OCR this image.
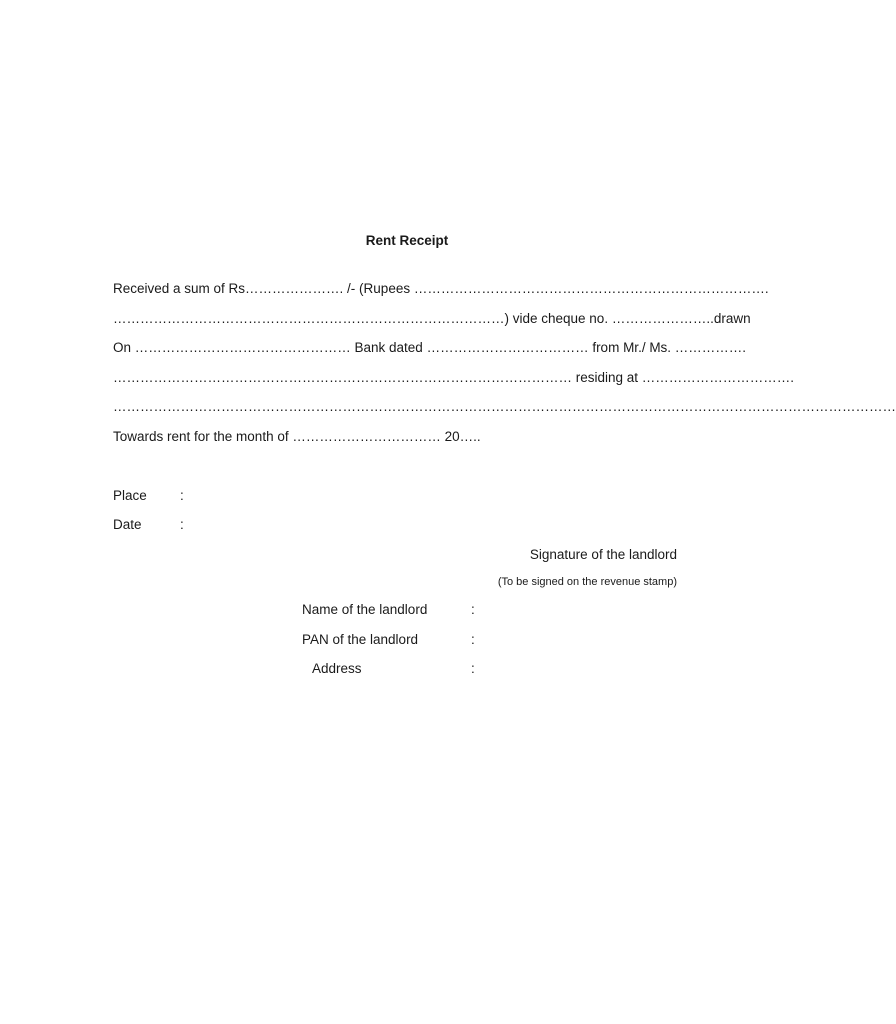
Rent Receipt
Received a sum of Rs…………………. /- (Rupees …………………………………………………………………….
……………………………………………………………………………) vide cheque no. …………………..drawn
On ………………………………………… Bank dated ……………………………… from Mr./ Ms. …………….
………………………………………………………………………………………… residing at …………………………….
…………………………………………………………………………………………………………………………………………………………
Towards rent for the month of …………………………… 20…..
Place :
Date	:
Signature of the landlord
(To be signed on the revenue stamp)
Name of the landlord	:
PAN of the landlord	:
Address	:
